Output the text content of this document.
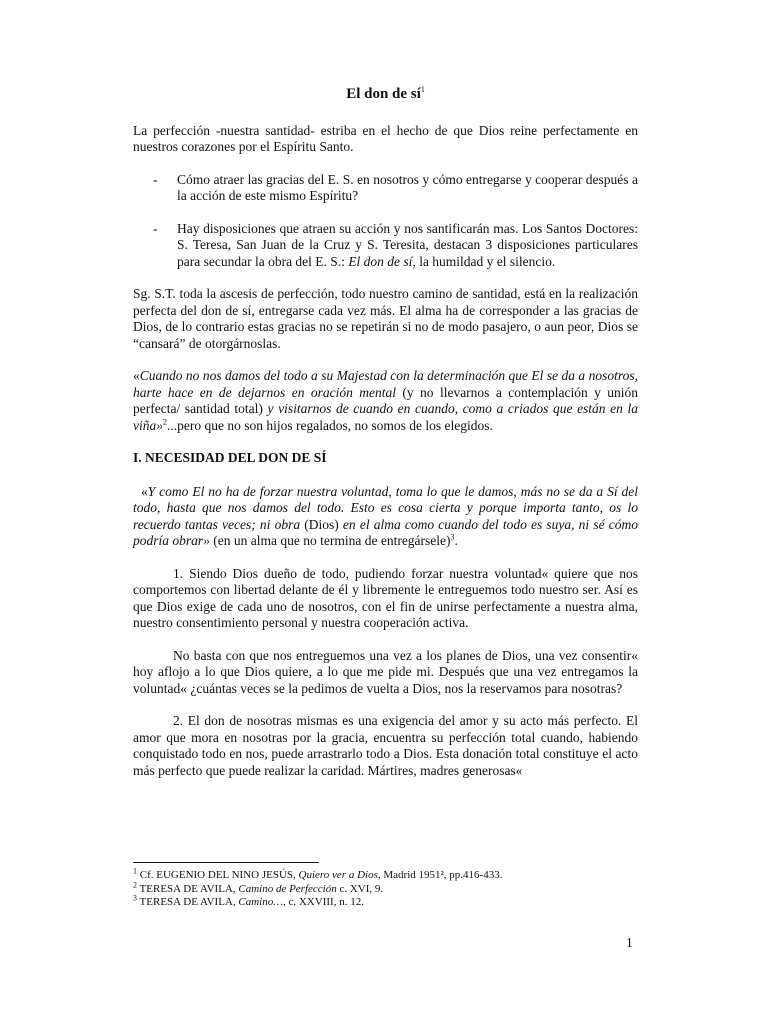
El don de $sí^1$

La perfección -nuestra santidad- estriba en el hecho de que Dios reine perfectamente en nuestros corazones por el Espíritu Santo.

-	Cómo atraer las gracias del E. S. en nosotros y cómo entregarse y cooperar después a la acción de este mismo Espíritu?
-	Hay disposiciones que atraen su acción y nos santificarán mas. Los Santos Doctores: S. Teresa, San Juan de la Cruz y S. Teresita, destacan 3 disposiciones particulares para secundar la obra del E. S.: El don de sí, la humildad y el silencio.

Sg. S.T. toda la ascesis de perfección, todo nuestro camino de santidad, está en la realización perfecta del don de sí, entregarse cada vez más. El alma ha de corresponder a las gracias de Dios, de lo contrario estas gracias no se repetirán si no de modo pasajero, o aun peor, Dios se “cansará” de otorgárnoslas.

«Cuando no nos damos del todo a su Majestad con la determinación que El se da a nosotros, harte hace en de dejarnos en oración mental (y no llevarnos a contemplación y unión perfecta/ santidad total) y visitarnos de cuando en cuando, como a criados que están en la viña»$^2$...pero que no son hijos regalados, no somos de los elegidos.

I. NECESIDAD DEL DON DE SÍ

«Y como El no ha de forzar nuestra voluntad, toma lo que le damos, más no se da a Sí del todo, hasta que nos damos del todo. Esto es cosa cierta y porque importa tanto, os lo recuerdo tantas veces; ni obra (Dios) en el alma como cuando del todo es suya, ni sé cómo podría obrar» (en un alma que no termina de entregársele)$^3$.

1. Siendo Dios dueño de todo, pudiendo forzar nuestra voluntad« quiere que nos comportemos con libertad delante de él y libremente le entreguemos todo nuestro ser. Así es que Dios exige de cada uno de nosotros, con el fin de unirse perfectamente a nuestra alma, nuestro consentimiento personal y nuestra cooperación activa.

No basta con que nos entreguemos una vez a los planes de Dios, una vez consentir« hoy aflojo a lo que Dios quiere, a lo que me pide mi. Después que una vez entregamos la voluntad« ¿cuántas veces se la pedimos de vuelta a Dios, nos la reservamos para nosotras?

2. El don de nosotras mismas es una exigencia del amor y su acto más perfecto. El amor que mora en nosotras por la gracia, encuentra su perfección total cuando, habiendo conquistado todo en nos, puede arrastrarlo todo a Dios. Esta donación total constituye el acto más perfecto que puede realizar la caridad. Mártires, madres generosas«

$^1$ Cf. EUGENIO DEL NINO JESÚS, Quiero ver a Dios, Madrid 1951², pp.416-433.
$^2$ TERESA DE AVILA, Camino de Perfección c. XVI, 9.
$^3$ TERESA DE AVILA, Camino…, c. XXVIII, n. 12.
1
